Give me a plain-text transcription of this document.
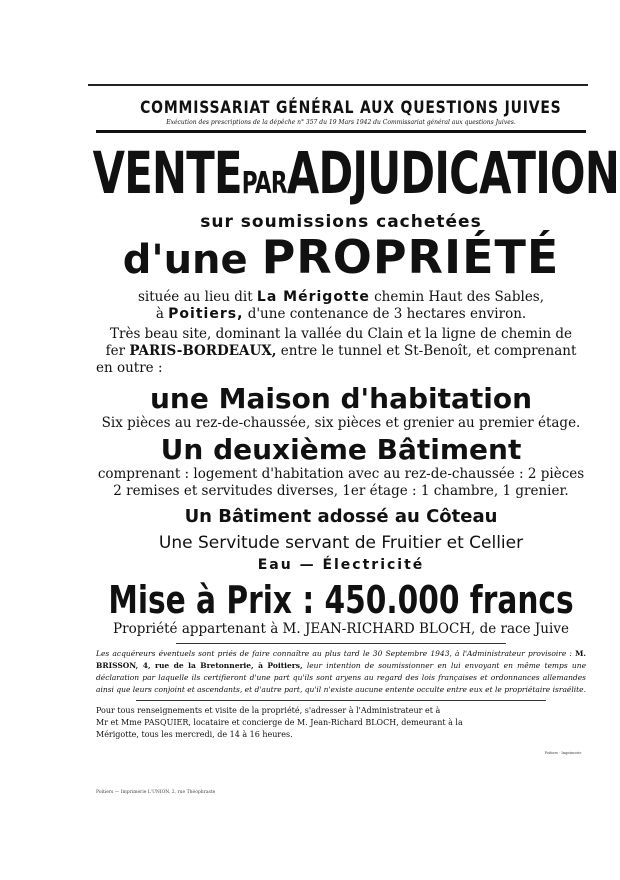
COMMISSARIAT GÉNÉRAL AUX QUESTIONS JUIVES
Exécution des prescriptions de la dépêche n° 357 du 19 Mars 1942 du Commissariat général aux questions Juives.
VENTEPARADJUDICATION
sur soumissions cachetées
d'une PROPRIÉTÉ
située au lieu dit La Mérigotte chemin Haut des Sables,
à Poitiers, d'une contenance de 3 hectares environ.
Très beau site, dominant la vallée du Clain et la ligne de chemin de
fer PARIS-BORDEAUX, entre le tunnel et St-Benoît, et comprenant
en outre :
une Maison d'habitation
Six pièces au rez-de-chaussée, six pièces et grenier au premier étage.
Un deuxième Bâtiment
comprenant : logement d'habitation avec au rez-de-chaussée : 2 pièces
2 remises et servitudes diverses, 1er étage : 1 chambre, 1 grenier.
Un Bâtiment adossé au Côteau
Une Servitude servant de Fruitier et Cellier
Eau — Électricité
Mise à Prix : 450.000 francs
Propriété appartenant à M. JEAN-RICHARD BLOCH, de race Juive
Les acquéreurs éventuels sont priés de faire connaître au plus tard le 30 Septembre 1943, à l'Administrateur provisoire : M. BRISSON, 4, rue de la Bretonnerie, à Poitiers, leur intention de soumissionner en lui envoyant en même temps une déclaration par laquelle ils certifieront d'une part qu'ils sont aryens au regard des lois françaises et ordonnances allemandes ainsi que leurs conjoint et ascendants, et d'autre part, qu'il n'existe aucune entente occulte entre eux et le propriétaire israélite.
Pour tous renseignements et visite de la propriété, s'adresser à l'Administrateur et à
Mr et Mme PASQUIER, locataire et concierge de M. Jean-Richard BLOCH, demeurant à la
Mérigotte, tous les mercredi, de 14 à 16 heures.
Poitiers · Imprimerie
Poitiers — Imprimerie L'UNION, 2, rue Théophraste
